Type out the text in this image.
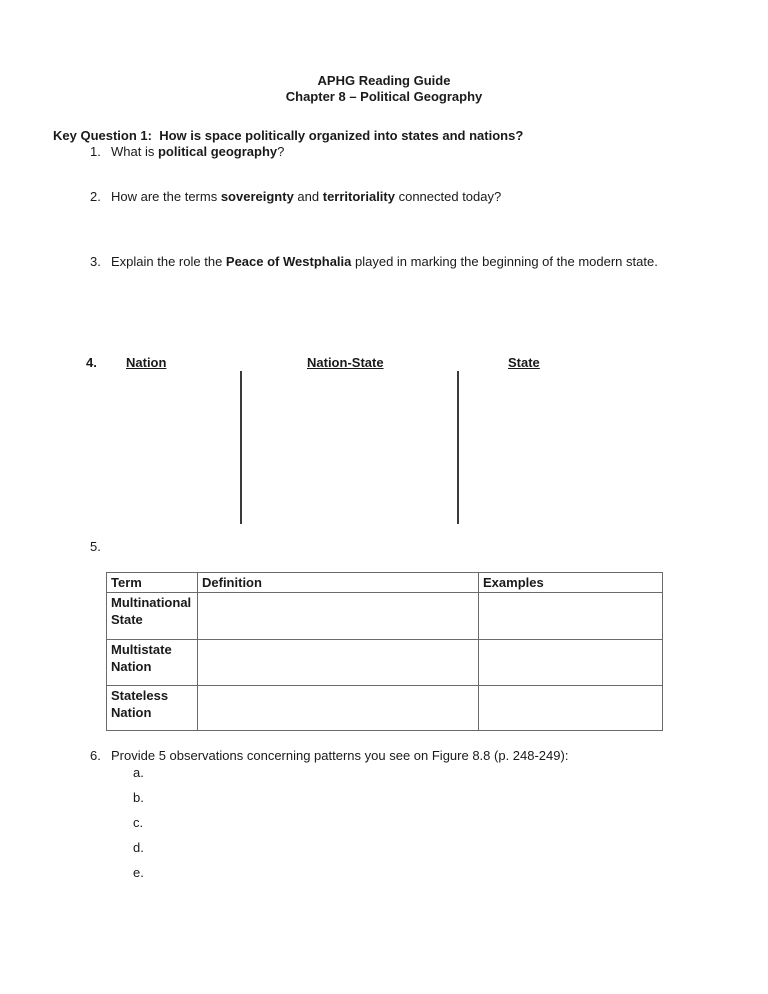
APHG Reading Guide
Chapter 8 – Political Geography
Key Question 1: How is space politically organized into states and nations?
1. What is political geography?
2. How are the terms sovereignty and territoriality connected today?
3. Explain the role the Peace of Westphalia played in marking the beginning of the modern state.
4. Nation	Nation-State	State
5.
Term	Definition	Examples

Multinational
State		

Multistate
Nation		

Stateless
Nation		

6. Provide 5 observations concerning patterns you see on Figure 8.8 (p. 248-249):
a.
b.
c.
d.
e.
